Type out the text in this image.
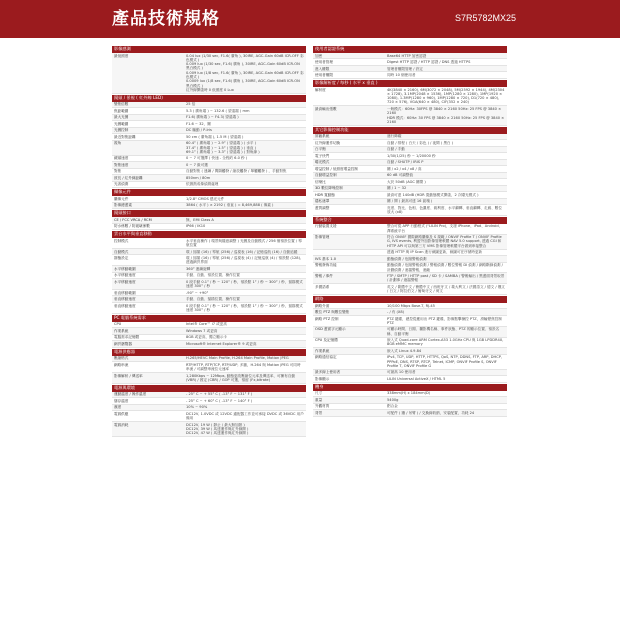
產品技術規格	S7R5782MX25
影像感測
最低照度	0.04 lux (1/30 sec, F1.6( 廣角 ), 30IRE, AGC-Gain 60dB ICR-OFF 彩色模式 )
0.009 lux (1/30 sec, F1.6( 廣角 ), 30IRE, AGC-Gain 60dB ICR-ON 黑白模式 )
0.009 lux (1/8 sec, F1.6( 廣角 ), 30IRE, AGC-Gain 60dB ICR-OFF 彩色模式 )
0.0009 lux (1/8 sec, F1.6( 廣角 ), 30IRE, AGC-Gain 60dB ICR-ON 黑白模式 )
紅外線開啟時 0 低照度 0 Lux
鏡頭 / 景視 ( 紅外線 LED)
變焦倍數	25 倍
焦距範圍	5.3 ( 廣角端 ) ~ 132.6 ( 望遠端 ) mm
最大光圈	F1.6( 廣角端 ) ~ F4.3( 望遠端 )
光圈範圍	F1.6 ~ 32，關
光圈控制	DC 驅動 / P-Iris
最近對焦距離	50 cm ( 廣角端 ), 1.5 M ( 望遠端 )
視角	60.4° ( 廣角端 ) ~ 2.9° ( 望遠端 ) ( 水平 )
37.4° ( 廣角端 ) ~ 1.5° ( 望遠端 ) ( 垂直 )
69.1° ( 廣角端 ) ~ 3.3° ( 望遠端 ) ( 對角線 )
鏡頭速度	0 ~ 7 可選擇 ( 快速 - 全程約 6.0 秒 )
對焦速度	0 ~ 7 級可選
對焦	自動對焦 ( 連續 / 間隔觸發 / 縮放觸發 / 單觸觸發 ) ，手動對焦
波長 / 紅外線距離	850nm / 80m
光害偵測	依據熱成像偵測處理
攝像元件
攝像元件	1/2.8" CMOS 感光元件
影像總畫素	3864 ( 水平 ) × 2192 ( 垂直 ) = 8,469,888 ( 像素 )
鏡頭接口
CE / FCC VRCA / RCM	無，EMI Class A
防水係數 / 防破壞係數	IP66 / IK10
雲台水平與垂直移動
控制模式	水平垂直操作 ( 環景與隨意調整 ) 光圈及自動模式 / 256 個預設位置 / 導航位置
自動模式	環 / 掃描 (16) / 導航 (256) / 巡視表 (16) / 記憶巡航 (16) / 自動追蹤
靜態設定	環 / 掃描 (16) / 導航 (256) / 巡視表 (4) / 記憶巡航 (4) / 預設點 (128), 透過網頁界面
水平移動範圍	360° 連續旋轉
水平移動速度	手動、自動、預設位置、操作位置
水平移動速度	0 段手動 0.1° / 秒 ~ 120° / 秒，預設點 1° / 秒 ~ 300° / 秒，掃描模式速度 300° / 秒
垂直移動範圍	-90° ~ +90°
垂直移動速度	手動、自動、掃描位置、操作位置
垂直移動速度	0 段手動 0.1° / 秒 ~ 120° / 秒，預設點 1° / 秒 ~ 300° / 秒，掃描模式速度 300° / 秒
PC 電腦系統需求
CPU	Intel® Core™ i7 或更高
作業系統	Windows 7 或更高
電腦需求記憶體	8GB 或更高，獨立顯示卡
網頁瀏覽器	Microsoft® Internet Explorer® 9 或更高
電源供應器
壓縮格式	H.265/HEVC Main Profile, H.264 Main Profile, Motion JPEG
網路串流	RTP/HTTP, RTP/TCP, RTP/UDP, 多播，H.264 與 Motion JPEG 可同時串流 / 可調整串流位元速率
影像解析 / 傳送率	1,280Kbps ~ 12Mbps, 動態更改壓縮位元率及傳送率，可擁有自動 (VBR) / 固定 (CBR) / GOP 可選，預留 (Fx,bitrate)
電源與環境
運動溫度 / 操作溫度	- 25° C ~ + 55° C ( -13° F ~ 131° F )
儲存溫度	- 25° C ~ + 60° C ( -13° F ~ 140° F )
濕度	10% ~ 90%
電源供應	DC12V, 1.0VDC 或 12VDC 適配器工作並可承接 DVDC 或 36VDC 用戶備用
電源消耗	DC12V, 19 W ( 靜止 / 最大無加熱 )
DC12V, 39 W ( 馬達運作與紅外線開 )
DC12V, 47 W ( 馬達運作與紅外線開 )
使用者認證系統
加密	Base64 HTTP 加密認證
使用者管理	Digest HTTP 認證 / HTTP 認證 / DNS 透過 HTTPS
進入權限	管理者權限管理 / 設定
使用者權限	同時 10 個使用者
影像解析度 / 每秒 ( 水平 x 垂直 )
解析度	4K(3840 × 2160), 6M(3072 × 2048), 5M(2592 × 1944), 4M(2304 × 1728), 3.1MP(2048 × 1536), 1MP(1280 × 1280), 1MP(1920 × 1080), 1.3MP(1280 × 960), 1MP(1280 × 720), D1(720 × 480), 720 × 576), VGA(640 × 480), CIF(352 × 240)
最高輸出張數	一般模式：60Hz: 30FPS @ 3840 × 2160 50Hz: 25 FPS @ 3840 × 2160
HDR 模式：60Hz: 30 FPS @ 3840 × 2160 50Hz: 25 FPS @ 3840 × 2160
其它影像控制功能
屏蔽系統	遮行障礙
紅外線運作切換	自動 / 排程 ( 白天 / 彩色 ) / 夜間 ( 黑白 )
白平衡	自動 / 手動
電子快門	1/30(1/25) 秒 ~ 1/20000 秒
曝光模式	自動 / SHUTP / IRIS P
增益控制 / 低照度增益控制	關 / x2 / x4 / x8 / 高
自動增益控制	60 dB 可調整值
信噪比	大於 50dB (AGC 關閉 )
3D 數位降噪控制	關 / 1 ~ 32
HDR 寬動態	最高可達 140dB (HDR 寬動態模式開啟，2 次曝光模式 )
隱私遮罩	關 / 開 ( 最高可達 16 區塊 )
畫質調整	亮度、對比、色相、色濃度、銳利度、水平翻轉、垂直翻轉、走廊、數位放大 (x8)
系統整合
行動裝置支援	整合可從 APP 行動程式 ("LILIN Pro)，支援 iPhone、iPad、Android、澤系統平台
影像管理	符合 ONVIF 國際網路攝像及 S 規範 / ONVIF Profile T / ONVIF Profile G, IVS events, 利盟外加影像管理軟體 NAV 5.0 support, 透過 CGI 和 HTTP API 可以與第三方 VMS 影像管理軟體平台做到串接整合
透過 HTTP 與 IP Scan 進行截圖更新，截圖可在序號時更新
IVS 基本 1.0	動態偵測 / 危險警報偵測
警報發佈功能	動態偵測 / 危險警報偵測 / 警報偵測 / 數位警報 DI 偵測 / 網路斷線偵測 / 計劃偵測 / 遮擋警報，遮蔽
警報 / 事件	FTP / SMTP / HTTP post / SD 卡 / SAMBA / 警報輸出 / 黑畫面背景取景 / 計劃事 / 遮擋警報
多國語系	英文 / 繁體中文 / 簡體中文 / 西班牙文 / 義大利文 / 法國語文 / 德文 / 俄文 / 日文 / 阿拉伯文 / 葡萄牙文 / 荷文
網路
網路介面	10/100 Mbps Base-T, RJ-45
數位 PTZ 與數位變焦	- / 有 (X8)
網路 PTZ 控制	PTZ 鍵碟，總控從應用出 PTZ 鍵碟，影像點擊操控 PTZ，滑輪變焦控制 PTZ
OSD 畫面字元顯示	可顯示時間、日期、攝影機名稱、事件狀態、PTZ 的顯示位置、預設名稱、自動平衡
CPU 及記憶體	嵌入式 Quad-core ARM Cortex-A53 1.0GHz CPU 與 1GB LPDDR4X, 8GB eMMC memory
作業系統	嵌入式 Linux 4.9.84
網路通信協定	IPv4, TCP, UDP, HTTP, HTTPS, QoS, NTP, DDNS, FTP, ARP, DHCP, PPPoE, DNS, RTSP, RTCP, Telnet, ICMP, ONVIF Profile S, ONVIF Profile T, ONVIF Profile G
最多線上使用者	可最高 10 使用者
影像顯示	LILIN Universal ActiveX / HTML 5
機身
尺寸	338mm(H) x 184mm(D)
重量	5400g
外觀材質	鋁合金
背景	可配件 ( 牆 / 吊臂 ) / 交換線收納，安裝配置，功耗 24
